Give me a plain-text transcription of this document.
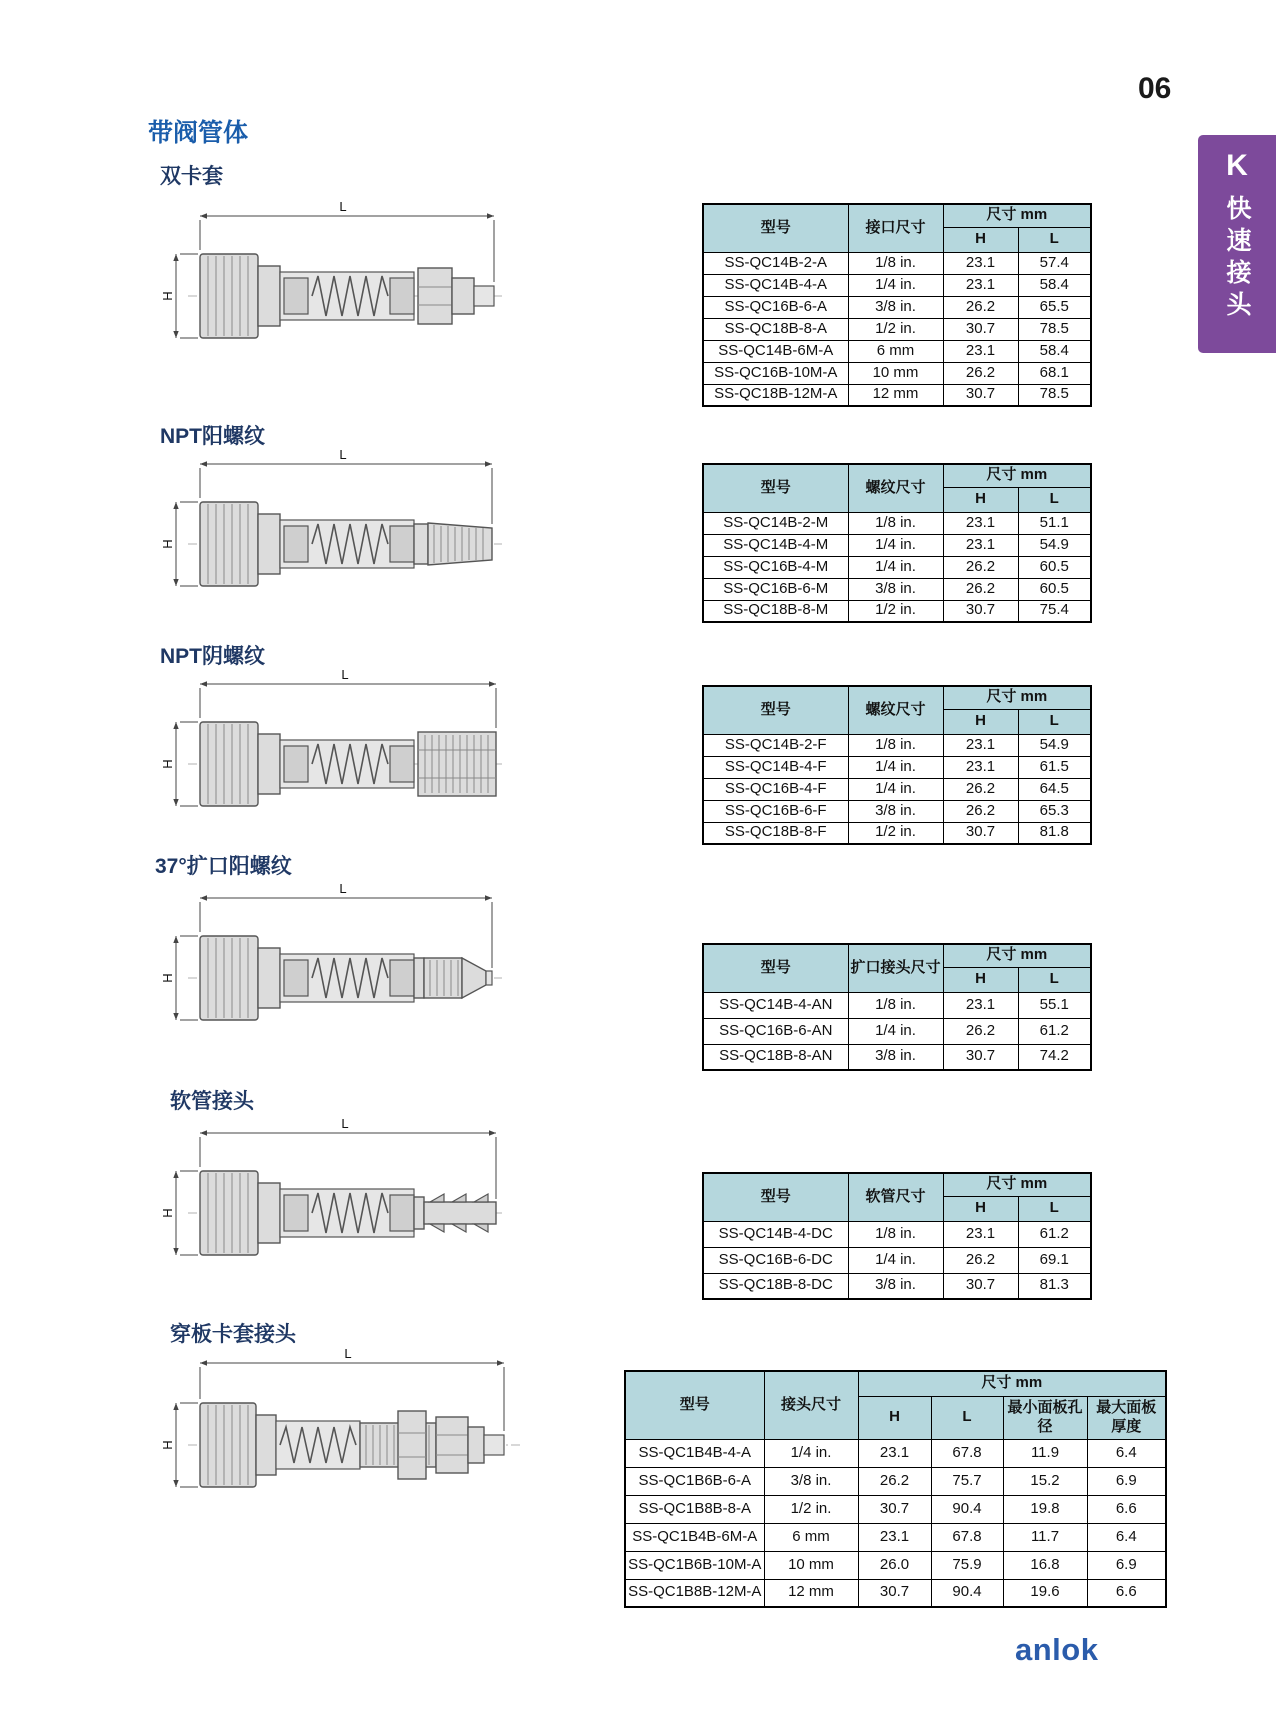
06
K
快速接头
带阀管体
双卡套
L
H
型号	接口尺寸	尺寸 mm	
		H	L
SS-QC14B-2-A	1/8 in.	23.1	57.4
SS-QC14B-4-A	1/4 in.	23.1	58.4
SS-QC16B-6-A	3/8 in.	26.2	65.5
SS-QC18B-8-A	1/2 in.	30.7	78.5
SS-QC14B-6M-A	6 mm	23.1	58.4
SS-QC16B-10M-A	10 mm	26.2	68.1
SS-QC18B-12M-A	12 mm	30.7	78.5
NPT阳螺纹
L
H
型号	螺纹尺寸	尺寸 mm	
		H	L
SS-QC14B-2-M	1/8 in.	23.1	51.1
SS-QC14B-4-M	1/4 in.	23.1	54.9
SS-QC16B-4-M	1/4 in.	26.2	60.5
SS-QC16B-6-M	3/8 in.	26.2	60.5
SS-QC18B-8-M	1/2 in.	30.7	75.4
NPT阴螺纹
L
H
型号	螺纹尺寸	尺寸 mm	
		H	L
SS-QC14B-2-F	1/8 in.	23.1	54.9
SS-QC14B-4-F	1/4 in.	23.1	61.5
SS-QC16B-4-F	1/4 in.	26.2	64.5
SS-QC16B-6-F	3/8 in.	26.2	65.3
SS-QC18B-8-F	1/2 in.	30.7	81.8
37°扩口阳螺纹
L
H
型号	扩口接头尺寸	尺寸 mm	
		H	L
SS-QC14B-4-AN	1/8 in.	23.1	55.1
SS-QC16B-6-AN	1/4 in.	26.2	61.2
SS-QC18B-8-AN	3/8 in.	30.7	74.2
软管接头
L
H
型号	软管尺寸	尺寸 mm	
		H	L
SS-QC14B-4-DC	1/8 in.	23.1	61.2
SS-QC16B-6-DC	1/4 in.	26.2	69.1
SS-QC18B-8-DC	3/8 in.	30.7	81.3
穿板卡套接头
L
H
型号	接头尺寸	尺寸 mm			
		H	L	最小面板孔径	最大面板厚度
SS-QC1B4B-4-A	1/4 in.	23.1	67.8	11.9	6.4
SS-QC1B6B-6-A	3/8 in.	26.2	75.7	15.2	6.9
SS-QC1B8B-8-A	1/2 in.	30.7	90.4	19.8	6.6
SS-QC1B4B-6M-A	6 mm	23.1	67.8	11.7	6.4
SS-QC1B6B-10M-A	10 mm	26.0	75.9	16.8	6.9
SS-QC1B8B-12M-A	12 mm	30.7	90.4	19.6	6.6
anlok
